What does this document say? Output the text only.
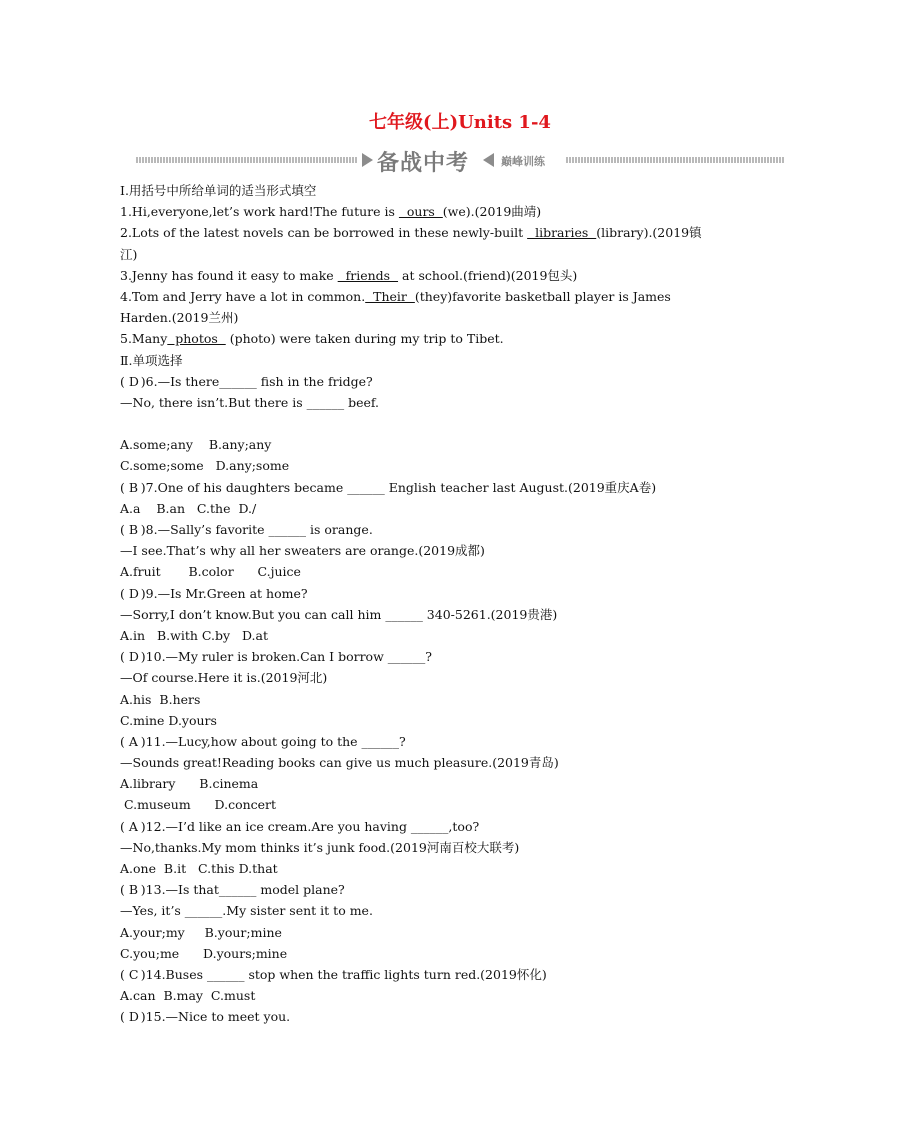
七年级(上)Units 1-4
备战中考	巅峰训练
Ⅰ.用括号中所给单词的适当形式填空
1.Hi,everyone,let’s work hard!The future is   ours  (we).(2019曲靖)
2.Lots of the latest novels can be borrowed in these newly-built   libraries  (library).(2019镇
江)
3.Jenny has found it easy to make   friends   at school.(friend)(2019包头)
4.Tom and Jerry have a lot in common.  Their  (they)favorite basketball player is James
Harden.(2019兰州)
5.Many  photos   (photo) were taken during my trip to Tibet.
Ⅱ.单项选择
( D )6.—Is there______ fish in the fridge?
—No, there isn’t.But there is ______ beef.
A.some;any    B.any;any
C.some;some   D.any;some
( B )7.One of his daughters became ______ English teacher last August.(2019重庆A卷)
A.a    B.an   C.the  D./
( B )8.—Sally’s favorite ______ is orange.
—I see.That’s why all her sweaters are orange.(2019成都)
A.fruit       B.color      C.juice
( D )9.—Is Mr.Green at home?
—Sorry,I don’t know.But you can call him ______ 340-5261.(2019贵港)
A.in   B.with C.by   D.at
( D )10.—My ruler is broken.Can I borrow ______?
—Of course.Here it is.(2019河北)
A.his  B.hers
C.mine D.yours
( A )11.—Lucy,how about going to the ______?
—Sounds great!Reading books can give us much pleasure.(2019青岛)
A.library      B.cinema
C.museum      D.concert
( A )12.—I’d like an ice cream.Are you having ______,too?
—No,thanks.My mom thinks it’s junk food.(2019河南百校大联考)
A.one  B.it   C.this D.that
( B )13.—Is that______ model plane?
—Yes, it’s ______.My sister sent it to me.
A.your;my     B.your;mine
C.you;me      D.yours;mine
( C )14.Buses ______ stop when the traffic lights turn red.(2019怀化)
A.can  B.may  C.must
( D )15.—Nice to meet you.
